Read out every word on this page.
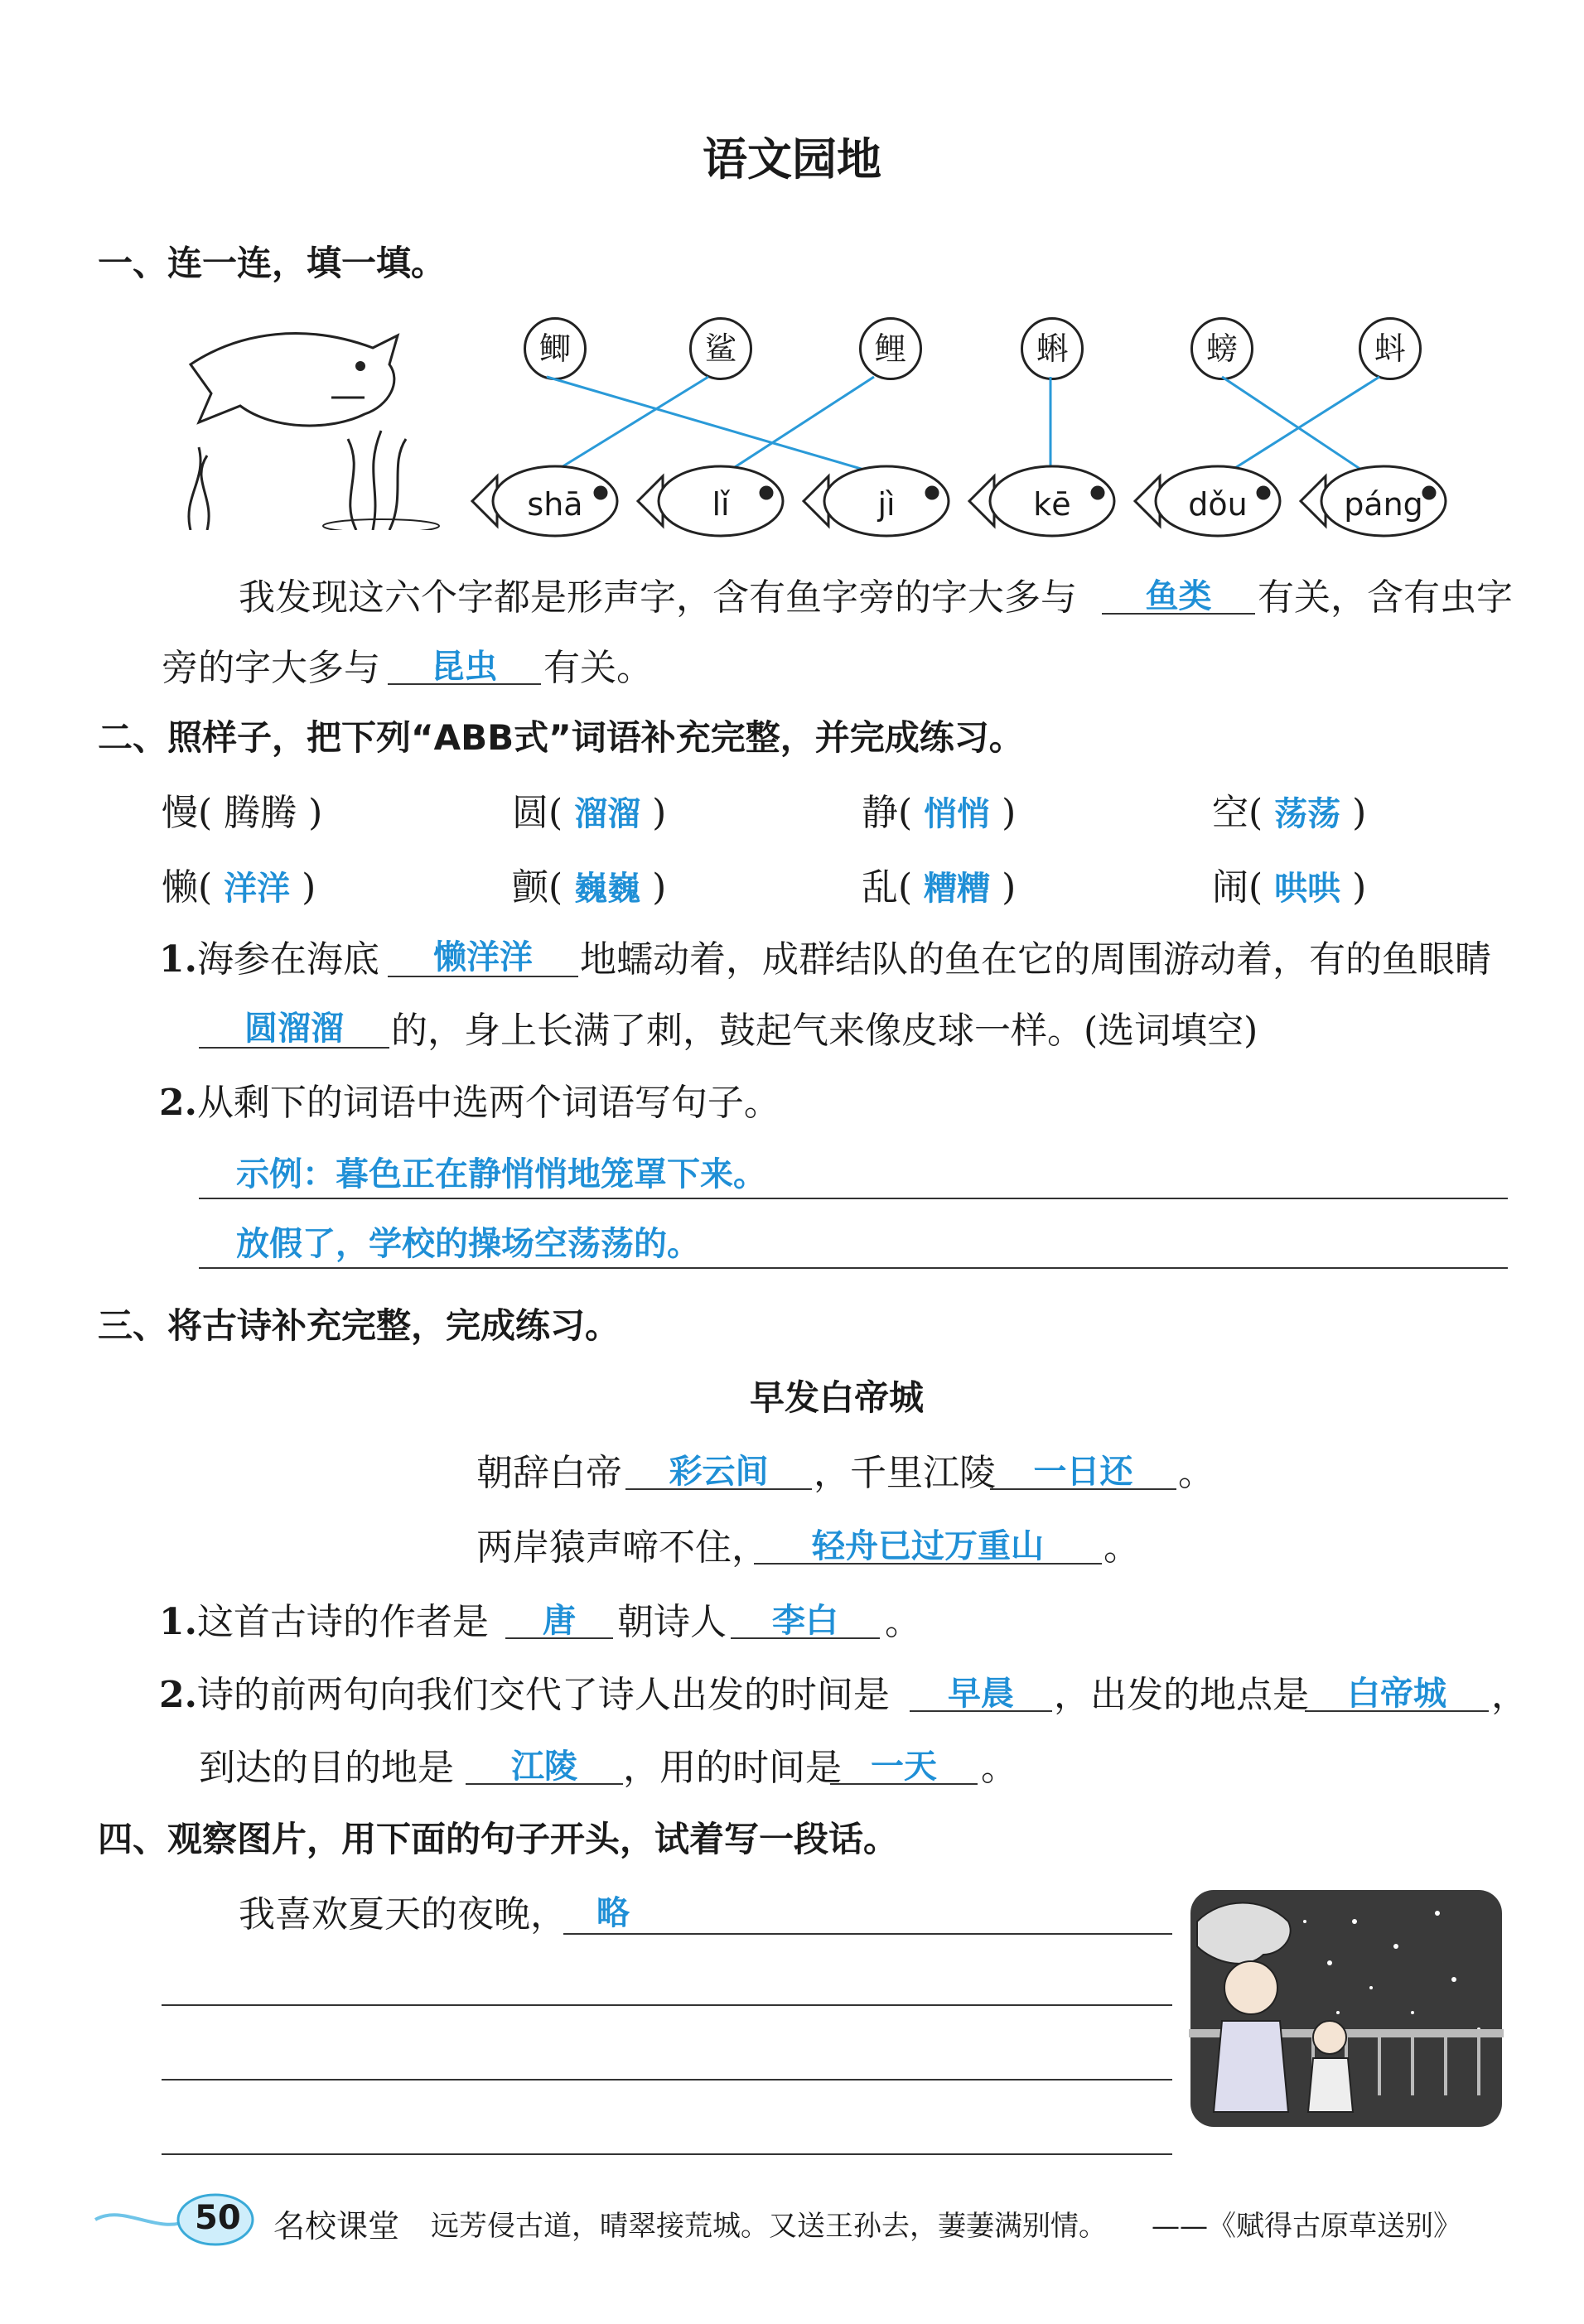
语文园地
一、连一连，填一填。
鲫	鲨	鲤	蝌	螃	蚪
shā	lǐ	jì	kē	dǒu	páng
我发现这六个字都是形声字，含有鱼字旁的字大多与	鱼类	有关，含有虫字
旁的字大多与	昆虫	有关。
二、照样子，把下列“ABB式”词语补充完整，并完成练习。
慢( 腾腾 )	圆( 溜溜 )	静( 悄悄 )	空( 荡荡 )
懒( 洋洋 )	颤( 巍巍 )	乱( 糟糟 )	闹( 哄哄 )
1.海参在海底	懒洋洋	地蠕动着，成群结队的鱼在它的周围游动着，有的鱼眼睛
圆溜溜	的，身上长满了刺，鼓起气来像皮球一样。(选词填空)
2.从剩下的词语中选两个词语写句子。
示例：暮色正在静悄悄地笼罩下来。
放假了，学校的操场空荡荡的。
三、将古诗补充完整，完成练习。
早发白帝城
朝辞白帝	彩云间	，千里江陵	一日还	。
两岸猿声啼不住，	轻舟已过万重山	。
1.这首古诗的作者是	唐	朝诗人	李白	。
2.诗的前两句向我们交代了诗人出发的时间是	早晨	，出发的地点是	白帝城	，
到达的目的地是	江陵	，用的时间是 一天	。
四、观察图片，用下面的句子开头，试着写一段话。
我喜欢夏天的夜晚， 略
50 名校课堂 远芳侵古道，晴翠接荒城。又送王孙去，萋萋满别情。 ——《赋得古原草送别》
